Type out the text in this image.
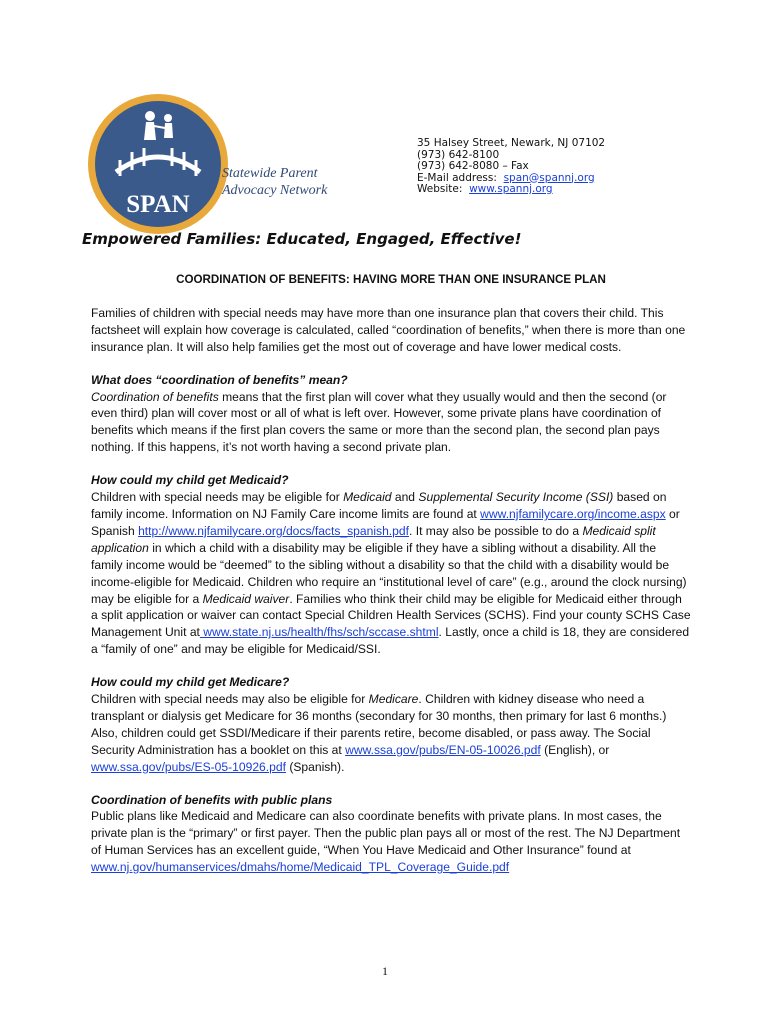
SPAN
Statewide Parent
Advocacy Network
35 Halsey Street, Newark, NJ 07102
(973) 642-8100
(973) 642-8080 – Fax
E-Mail address: span@spannj.org
Website: www.spannj.org
Empowered Families: Educated, Engaged, Effective!
COORDINATION OF BENEFITS: HAVING MORE THAN ONE INSURANCE PLAN

Families of children with special needs may have more than one insurance plan that covers their child. This factsheet will explain how coverage is calculated, called “coordination of benefits,” when there is more than one insurance plan. It will also help families get the most out of coverage and have lower medical costs.

What does “coordination of benefits” mean?
Coordination of benefits means that the first plan will cover what they usually would and then the second (or even third) plan will cover most or all of what is left over. However, some private plans have coordination of benefits which means if the first plan covers the same or more than the second plan, the second plan pays nothing. If this happens, it’s not worth having a second private plan.

How could my child get Medicaid?
Children with special needs may be eligible for Medicaid and Supplemental Security Income (SSI) based on family income. Information on NJ Family Care income limits are found at www.njfamilycare.org/income.aspx or Spanish http://www.njfamilycare.org/docs/facts_spanish.pdf. It may also be possible to do a Medicaid split application in which a child with a disability may be eligible if they have a sibling without a disability. All the family income would be “deemed” to the sibling without a disability so that the child with a disability would be income-eligible for Medicaid. Children who require an “institutional level of care” (e.g., around the clock nursing) may be eligible for a Medicaid waiver. Families who think their child may be eligible for Medicaid either through a split application or waiver can contact Special Children Health Services (SCHS). Find your county SCHS Case Management Unit at www.state.nj.us/health/fhs/sch/sccase.shtml. Lastly, once a child is 18, they are considered a “family of one” and may be eligible for Medicaid/SSI.

How could my child get Medicare?
Children with special needs may also be eligible for Medicare. Children with kidney disease who need a transplant or dialysis get Medicare for 36 months (secondary for 30 months, then primary for last 6 months.) Also, children could get SSDI/Medicare if their parents retire, become disabled, or pass away. The Social Security Administration has a booklet on this at www.ssa.gov/pubs/EN-05-10026.pdf (English), or www.ssa.gov/pubs/ES-05-10926.pdf (Spanish).

Coordination of benefits with public plans
Public plans like Medicaid and Medicare can also coordinate benefits with private plans. In most cases, the private plan is the “primary” or first payer. Then the public plan pays all or most of the rest. The NJ Department of Human Services has an excellent guide, “When You Have Medicaid and Other Insurance” found at www.nj.gov/humanservices/dmahs/home/Medicaid_TPL_Coverage_Guide.pdf

1
